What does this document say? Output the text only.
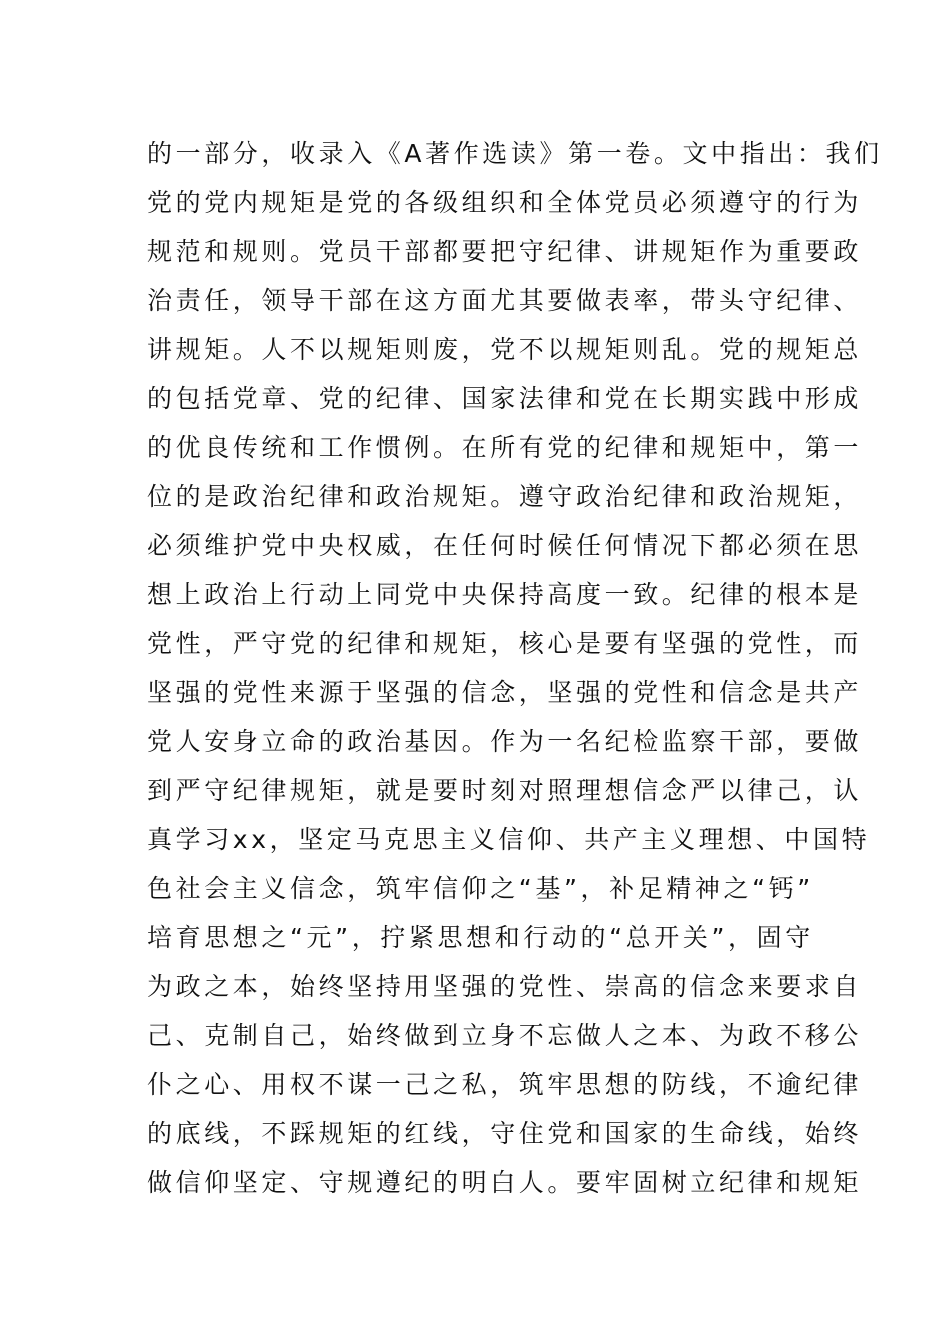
的一部分，收录入《A著作选读》第一卷。文中指出：我们
党的党内规矩是党的各级组织和全体党员必须遵守的行为
规范和规则。党员干部都要把守纪律、讲规矩作为重要政
治责任，领导干部在这方面尤其要做表率，带头守纪律、
讲规矩。人不以规矩则废，党不以规矩则乱。党的规矩总
的包括党章、党的纪律、国家法律和党在长期实践中形成
的优良传统和工作惯例。在所有党的纪律和规矩中，第一
位的是政治纪律和政治规矩。遵守政治纪律和政治规矩，
必须维护党中央权威，在任何时候任何情况下都必须在思
想上政治上行动上同党中央保持高度一致。纪律的根本是
党性，严守党的纪律和规矩，核心是要有坚强的党性，而
坚强的党性来源于坚强的信念，坚强的党性和信念是共产
党人安身立命的政治基因。作为一名纪检监察干部，要做
到严守纪律规矩，就是要时刻对照理想信念严以律己，认
真学习xx，坚定马克思主义信仰、共产主义理想、中国特
色社会主义信念，筑牢信仰之“基”，补足精神之“钙”
培育思想之“元”，拧紧思想和行动的“总开关”，固守
为政之本，始终坚持用坚强的党性、崇高的信念来要求自
己、克制自己，始终做到立身不忘做人之本、为政不移公
仆之心、用权不谋一己之私，筑牢思想的防线，不逾纪律
的底线，不踩规矩的红线，守住党和国家的生命线，始终
做信仰坚定、守规遵纪的明白人。要牢固树立纪律和规矩
